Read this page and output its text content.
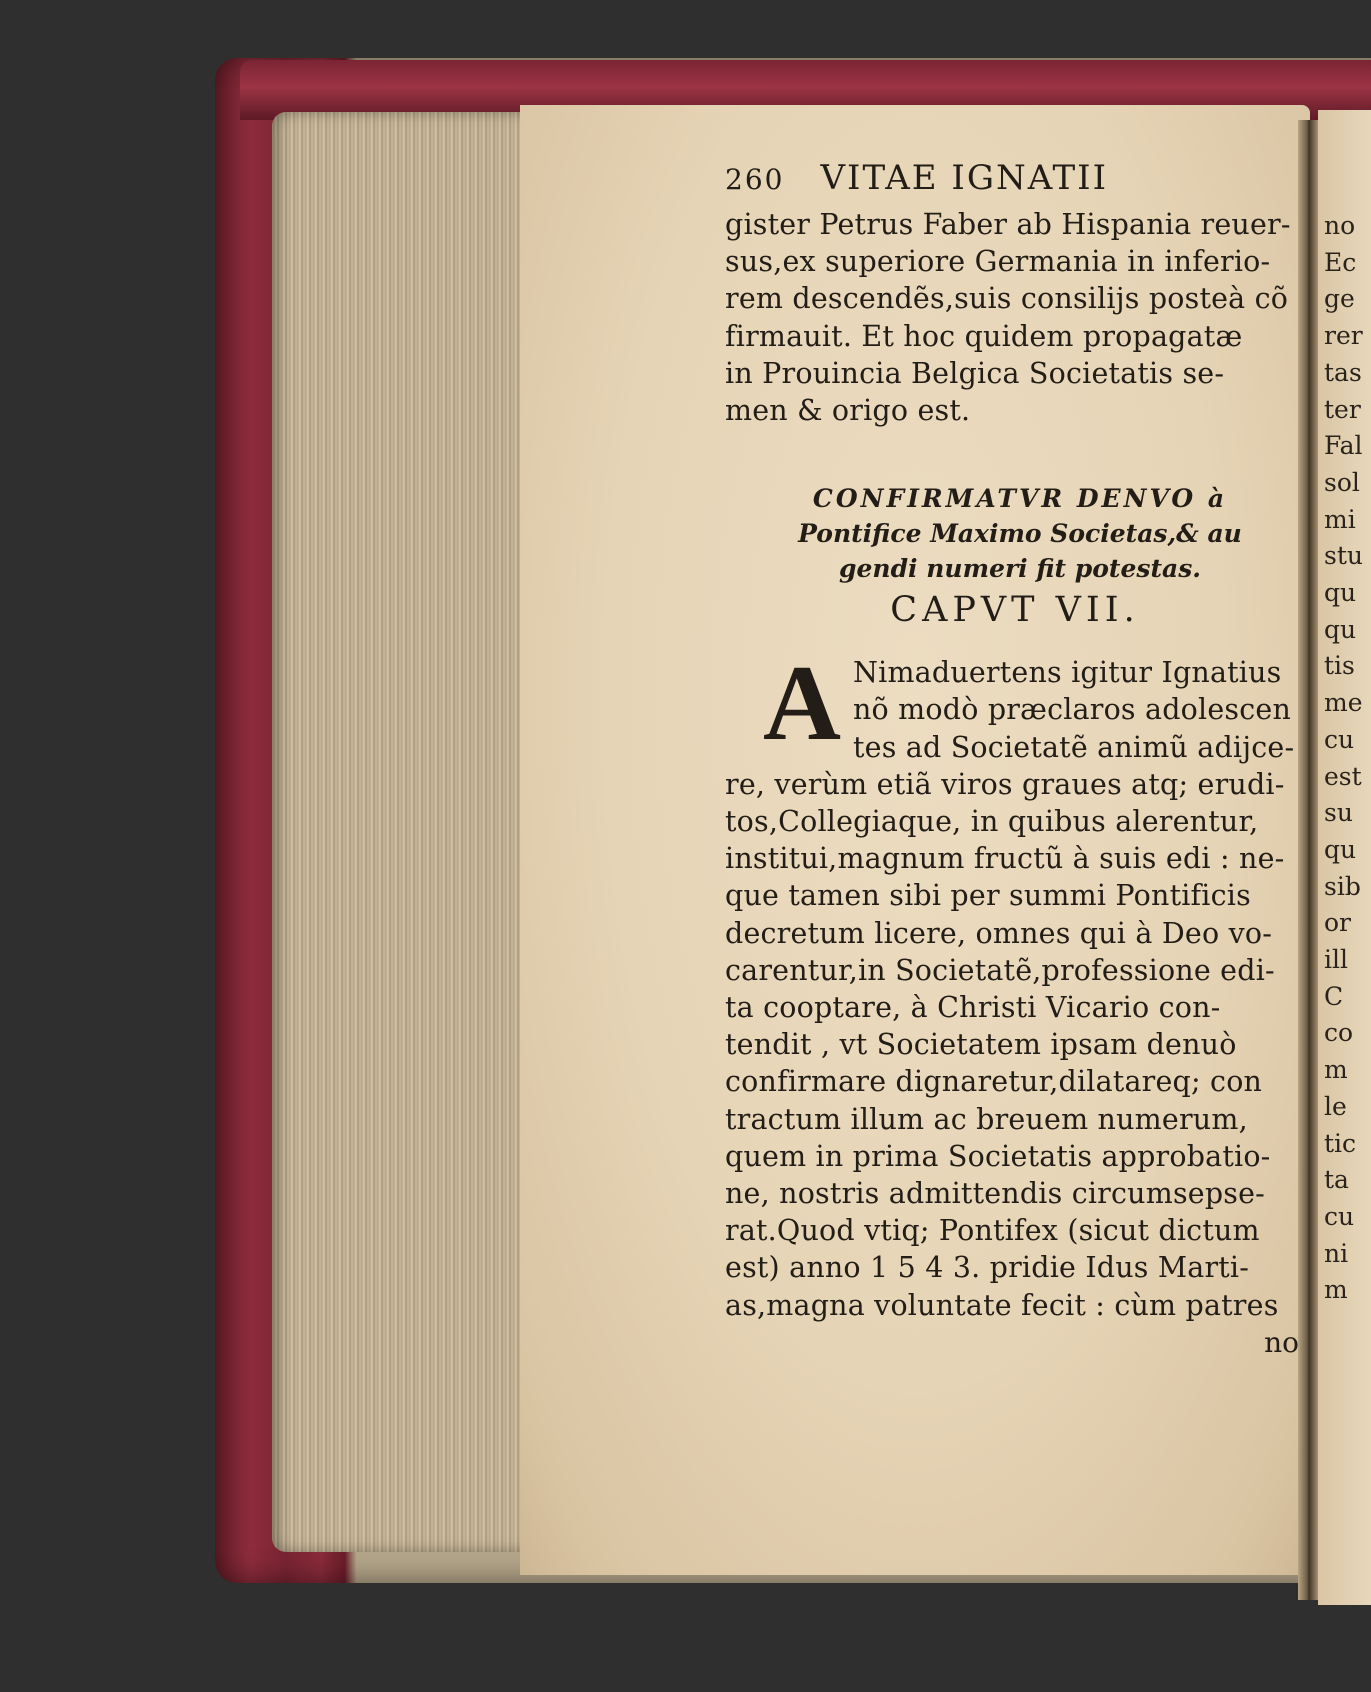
no
Ec
ge
rer
tas
ter
Fal
sol
mi
stu
qu
qu
tis
me
cu
est
su
qu
sib
or
ill
C
co
m
le
tic
ta
cu
ni
m
260 VITAE IGNATII
gister Petrus Faber ab Hispania reuer-
sus,ex superiore Germania in inferio-
rem descendẽs,suis consilijs posteà cõ
firmauit. Et hoc quidem propagatæ
in Prouincia Belgica Societatis se-
men & origo est.
CONFIRMATVR DENVO à
Pontifice Maximo Societas,& au
gendi numeri fit potestas.
CAPVT VII.
A Nimaduertens igitur Ignatius
nõ modò præclaros adolescen
tes ad Societatẽ animũ adijce-
re, verùm etiã viros graues atq; erudi-
tos,Collegiaque, in quibus alerentur,
institui,magnum fructũ à suis edi : ne-
que tamen sibi per summi Pontificis
decretum licere, omnes qui à Deo vo-
carentur,in Societatẽ,professione edi-
ta cooptare, à Christi Vicario con-
tendit , vt Societatem ipsam denuò
confirmare dignaretur,dilatareq; con
tractum illum ac breuem numerum,
quem in prima Societatis approbatio-
ne, nostris admittendis circumsepse-
rat.Quod vtiq; Pontifex (sicut dictum
est) anno 1 5 4 3. pridie Idus Marti-
as,magna voluntate fecit : cùm patres
no
